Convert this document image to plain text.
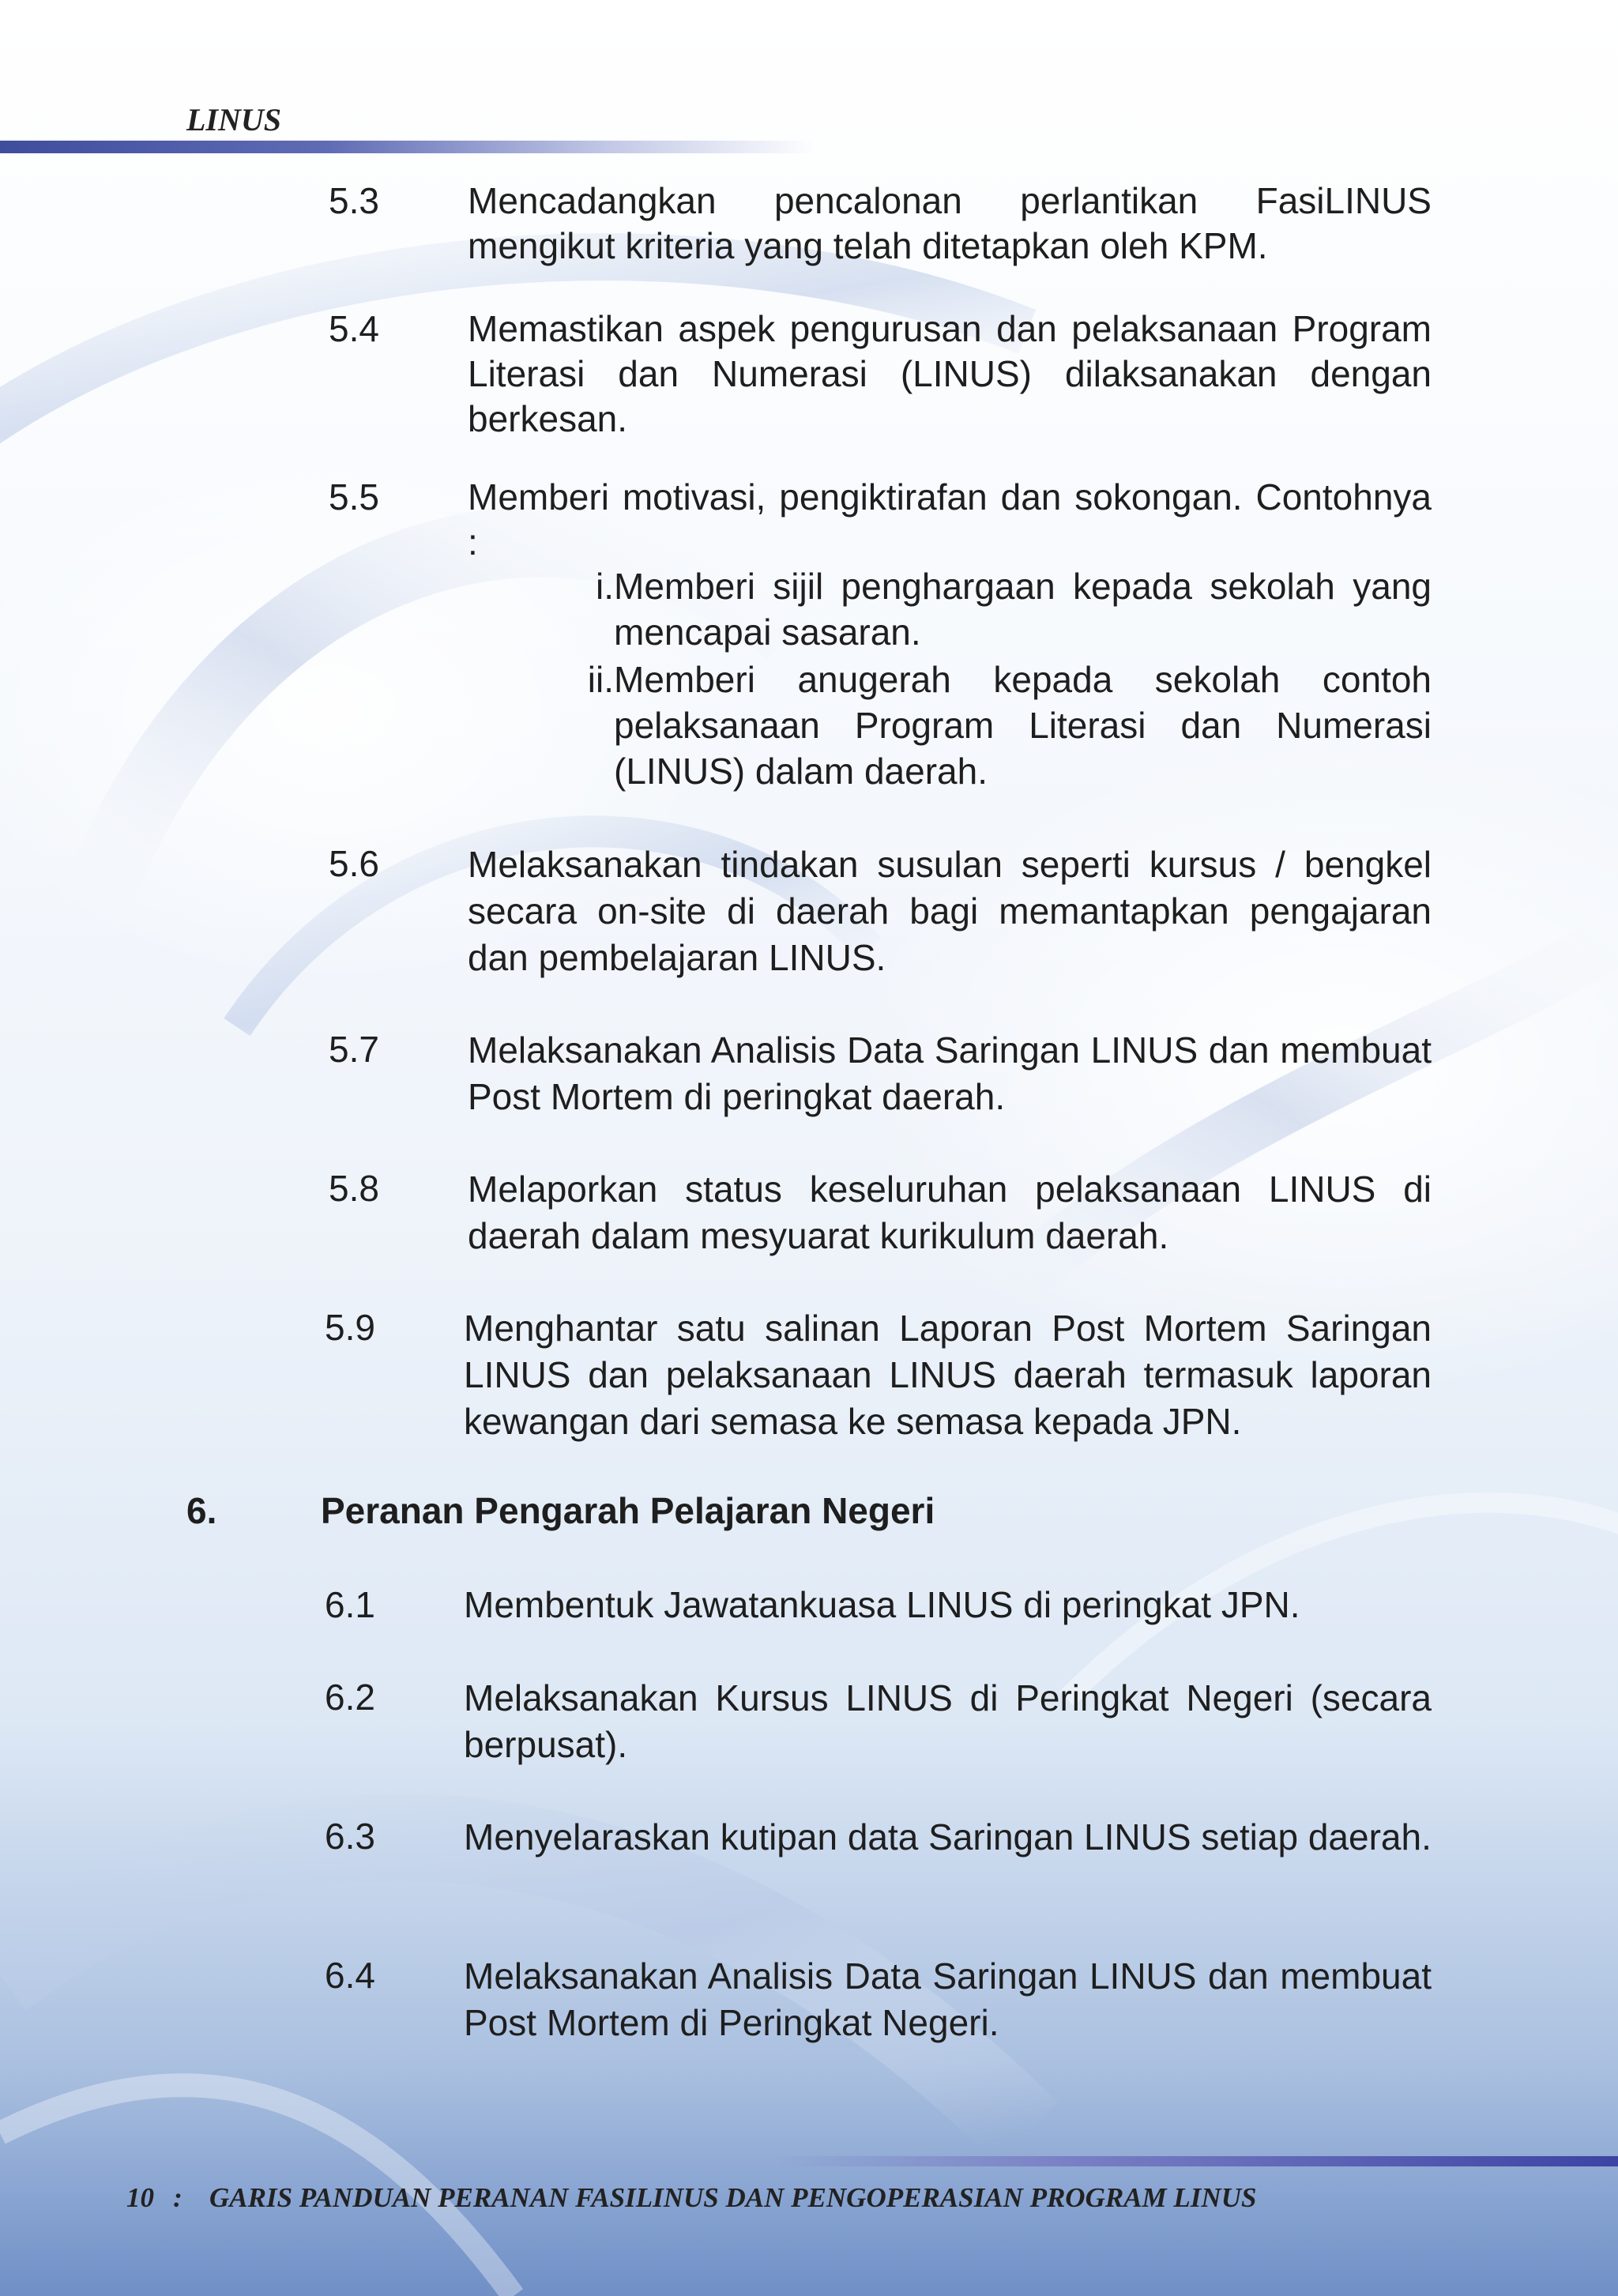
LINUS
5.3 Mencadangkan pencalonan perlantikan FasiLINUS mengikut kriteria yang telah ditetapkan oleh KPM.
5.4 Memastikan aspek pengurusan dan pelaksanaan Program Literasi dan Numerasi (LINUS) dilaksanakan dengan berkesan.
5.5 Memberi motivasi, pengiktirafan dan sokongan. Contohnya :
i. Memberi sijil penghargaan kepada sekolah yang mencapai sasaran.
ii. Memberi anugerah kepada sekolah contoh pelaksanaan Program Literasi dan Numerasi (LINUS) dalam daerah.
5.6 Melaksanakan tindakan susulan seperti kursus / bengkel secara on-site di daerah bagi memantapkan pengajaran dan pembelajaran LINUS.
5.7 Melaksanakan Analisis Data Saringan LINUS dan membuat Post Mortem di peringkat daerah.
5.8 Melaporkan status keseluruhan pelaksanaan LINUS di daerah dalam mesyuarat kurikulum daerah.
5.9 Menghantar satu salinan Laporan Post Mortem Saringan LINUS dan pelaksanaan LINUS daerah termasuk laporan kewangan dari semasa ke semasa kepada JPN.
6.	Peranan Pengarah Pelajaran Negeri
6.1 Membentuk Jawatankuasa LINUS di peringkat JPN.
6.2 Melaksanakan Kursus LINUS di Peringkat Negeri (secara berpusat).
6.3 Menyelaraskan kutipan data Saringan LINUS setiap daerah.
6.4 Melaksanakan Analisis Data Saringan LINUS dan membuat Post Mortem di Peringkat Negeri.
10 : GARIS PANDUAN PERANAN FASILINUS DAN PENGOPERASIAN PROGRAM LINUS
